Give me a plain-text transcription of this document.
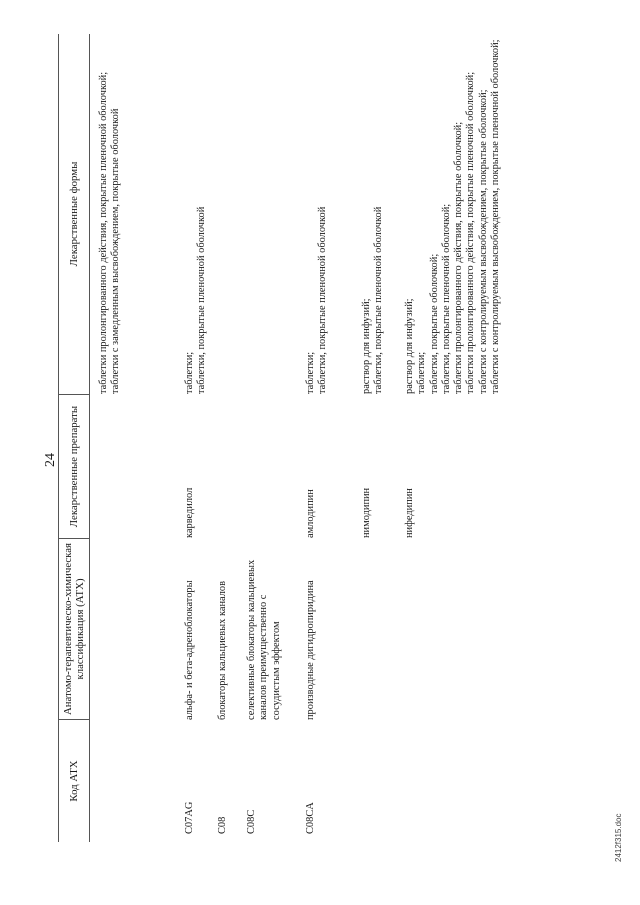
24
Код АТХ
Анатомо-терапевтическо-химическая классификация (АТХ)
Лекарственные препараты
Лекарственные формы
таблетки пролонгированного действия, покрытые пленочной оболочкой;
таблетки с замедленным высвобождением, покрытые оболочкой
C07AG
альфа- и бета-адреноблокаторы
карведилол
таблетки;
таблетки, покрытые пленочной оболочкой
C08
блокаторы кальциевых каналов
C08C
селективные блокаторы кальциевых каналов преимущественно с сосудистым эффектом
C08CA
производные дигидропиридина
амлодипин	нимодипин	нифедипин
таблетки;
таблетки, покрытые пленочной оболочкой
раствор для инфузий;
таблетки, покрытые пленочной оболочкой
раствор для инфузий;
таблетки;
таблетки, покрытые оболочкой;
таблетки, покрытые пленочной оболочкой;
таблетки пролонгированного действия, покрытые оболочкой;
таблетки пролонгированного действия, покрытые пленочной оболочкой;
таблетки с контролируемым высвобождением, покрытые оболочкой;
таблетки с контролируемым высвобождением, покрытые пленочной оболочкой;
2412f315.doc
